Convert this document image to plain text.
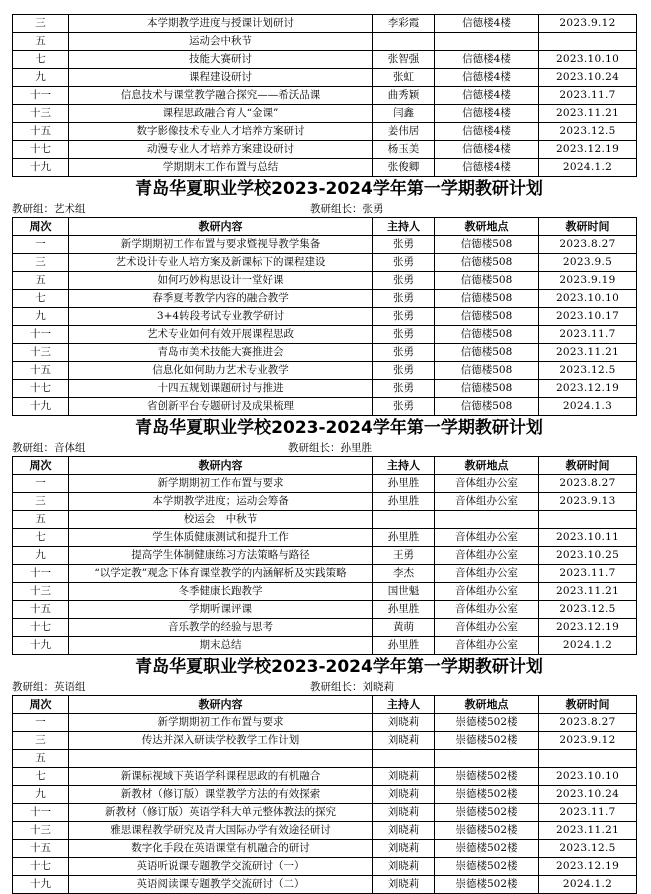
三	本学期教学进度与授课计划研讨	李彩霞	信德楼4楼	2023.9.12
五	运动会中秋节			
七	技能大赛研讨	张智强	信德楼4楼	2023.10.10
九	课程建设研讨	张虹	信德楼4楼	2023.10.24
十一	信息技术与课堂教学融合探究——希沃品课	曲秀颖	信德楼4楼	2023.11.7
十三	课程思政融合育人“金课”	闫鑫	信德楼4楼	2023.11.21
十五	数字影像技术专业人才培养方案研讨	姜伟居	信德楼4楼	2023.12.5
十七	动漫专业人才培养方案建设研讨	杨玉美	信德楼4楼	2023.12.19
十九	学期期末工作布置与总结	张俊卿	信德楼4楼	2024.1.2
青岛华夏职业学校2023-2024学年第一学期教研计划
教研组：艺术组	教研组长：张勇
周次	教研内容	主持人	教研地点	教研时间
一	新学期期初工作布置与要求暨视导教学集备	张勇	信德楼508	2023.8.27
三	艺术设计专业人培方案及新课标下的课程建设	张勇	信德楼508	2023.9.5
五	如何巧妙构思设计一堂好课	张勇	信德楼508	2023.9.19
七	春季夏考教学内容的融合教学	张勇	信德楼508	2023.10.10
九	3+4转段考试专业教学研讨	张勇	信德楼508	2023.10.17
十一	艺术专业如何有效开展课程思政	张勇	信德楼508	2023.11.7
十三	青岛市美术技能大赛推进会	张勇	信德楼508	2023.11.21
十五	信息化如何助力艺术专业教学	张勇	信德楼508	2023.12.5
十七	十四五规划课题研讨与推进	张勇	信德楼508	2023.12.19
十九	省创新平台专题研讨及成果梳理	张勇	信德楼508	2024.1.3
青岛华夏职业学校2023-2024学年第一学期教研计划
教研组：音体组	教研组长：孙里胜
周次	教研内容	主持人	教研地点	教研时间
一	新学期期初工作布置与要求	孙里胜	音体组办公室	2023.8.27
三	本学期教学进度；运动会筹备	孙里胜	音体组办公室	2023.9.13
五	校运会　中秋节			
七	学生体质健康测试和提升工作	孙里胜	音体组办公室	2023.10.11
九	提高学生体制健康练习方法策略与路径	王勇	音体组办公室	2023.10.25
十一	“以学定教”观念下体育课堂教学的内涵解析及实践策略	李杰	音体组办公室	2023.11.7
十三	冬季健康长跑教学	国世魁	音体组办公室	2023.11.21
十五	学期听课评课	孙里胜	音体组办公室	2023.12.5
十七	音乐教学的经验与思考	黄萌	音体组办公室	2023.12.19
十九	期末总结	孙里胜	音体组办公室	2024.1.2
青岛华夏职业学校2023-2024学年第一学期教研计划
教研组：英语组	教研组长：刘晓莉
周次	教研内容	主持人	教研地点	教研时间
一	新学期期初工作布置与要求	刘晓莉	崇德楼502楼	2023.8.27
三	传达并深入研读学校教学工作计划	刘晓莉	崇德楼502楼	2023.9.12
五				
七	新课标视域下英语学科课程思政的有机融合	刘晓莉	崇德楼502楼	2023.10.10
九	新教材（修订版）课堂教学方法的有效探索	刘晓莉	崇德楼502楼	2023.10.24
十一	新教材（修订版）英语学科大单元整体教法的探究	刘晓莉	崇德楼502楼	2023.11.7
十三	雅思课程教学研究及青大国际办学有效途径研讨	刘晓莉	崇德楼502楼	2023.11.21
十五	数字化手段在英语课堂有机融合的研讨	刘晓莉	崇德楼502楼	2023.12.5
十七	英语听说课专题教学交流研讨（一）	刘晓莉	崇德楼502楼	2023.12.19
十九	英语阅读课专题教学交流研讨（二）	刘晓莉	崇德楼502楼	2024.1.2
